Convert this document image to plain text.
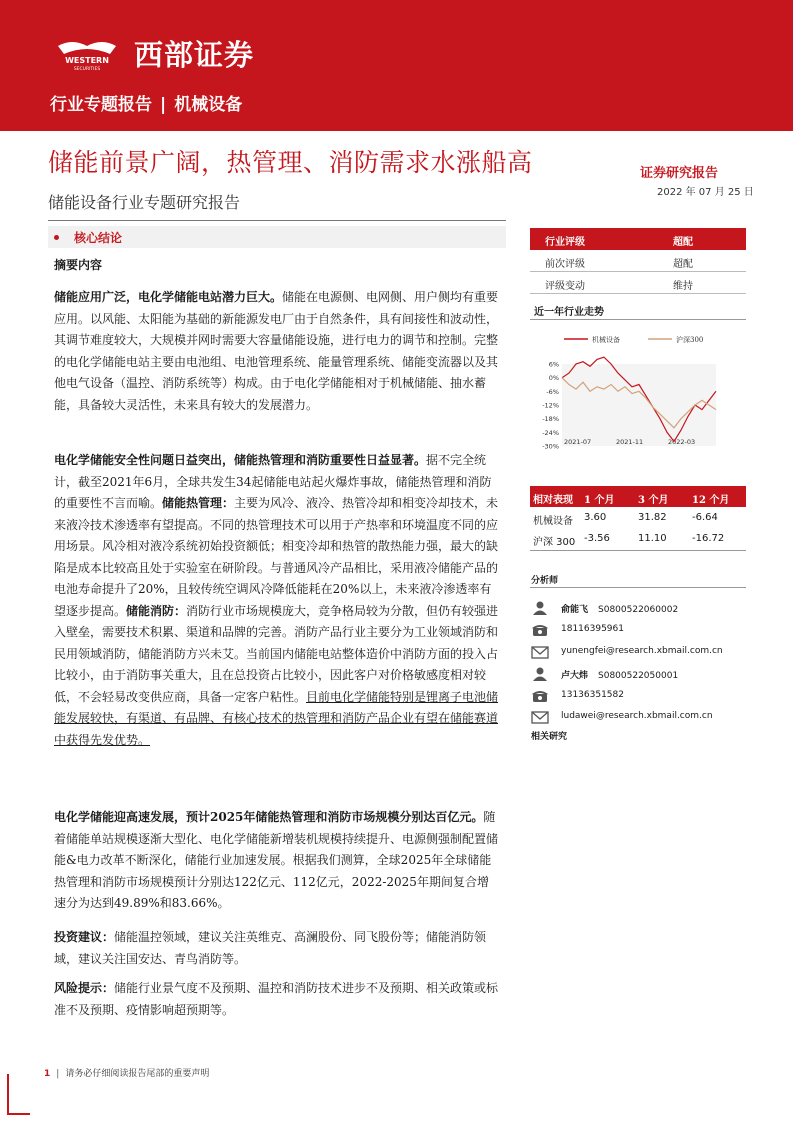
WESTERN
SECURITIES 西部证券
行业专题报告 | 机械设备
储能前景广阔，热管理、消防需求水涨船高
储能设备行业专题研究报告
证券研究报告
2022 年 07 月 25 日
核心结论
摘要内容
储能应用广泛，电化学储能电站潜力巨大。储能在电源侧、电网侧、用户侧均有重要应用。以风能、太阳能为基础的新能源发电厂由于自然条件，具有间接性和波动性，其调节难度较大，大规模并网时需要大容量储能设施，进行电力的调节和控制。完整的电化学储能电站主要由电池组、电池管理系统、能量管理系统、储能变流器以及其他电气设备（温控、消防系统等）构成。由于电化学储能相对于机械储能、抽水蓄能，具备较大灵活性，未来具有较大的发展潜力。
电化学储能安全性问题日益突出，储能热管理和消防重要性日益显著。据不完全统计，截至2021年6月，全球共发生34起储能电站起火爆炸事故，储能热管理和消防的重要性不言而喻。储能热管理：主要为风冷、液冷、热管冷却和相变冷却技术，未来液冷技术渗透率有望提高。不同的热管理技术可以用于产热率和环境温度不同的应用场景。风冷相对液冷系统初始投资额低；相变冷却和热管的散热能力强，最大的缺陷是成本比较高且处于实验室在研阶段。与普通风冷产品相比，采用液冷储能产品的电池寿命提升了20%，且较传统空调风冷降低能耗在20%以上，未来液冷渗透率有望逐步提高。储能消防：消防行业市场规模庞大，竞争格局较为分散，但仍有较强进入壁垒，需要技术积累、渠道和品牌的完善。消防产品行业主要分为工业领域消防和民用领域消防，储能消防方兴未艾。当前国内储能电站整体造价中消防方面的投入占比较小，由于消防事关重大，且在总投资占比较小，因此客户对价格敏感度相对较低，不会轻易改变供应商，具备一定客户粘性。目前电化学储能特别是锂离子电池储能发展较快，有渠道、有品牌、有核心技术的热管理和消防产品企业有望在储能赛道中获得先发优势。
电化学储能迎高速发展，预计2025年储能热管理和消防市场规模分别达百亿元。随着储能单站规模逐渐大型化、电化学储能新增装机规模持续提升、电源侧强制配置储能&电力改革不断深化，储能行业加速发展。根据我们测算，全球2025年全球储能热管理和消防市场规模预计分别达122亿元、112亿元，2022-2025年期间复合增速分为达到49.89%和83.66%。
投资建议：储能温控领域，建议关注英维克、高澜股份、同飞股份等；储能消防领域，建议关注国安达、青鸟消防等。
风险提示：储能行业景气度不及预期、温控和消防技术进步不及预期、相关政策或标准不及预期、疫情影响超预期等。
行业评级	超配
前次评级	超配
评级变动	维持
近一年行业走势
机械设备	沪深300
6%
0%
-6%
-12%
-18%
-24%
-30%
2021-07	2021-11	2022-03
相对表现 1 个月 3 个月 12 个月
机械设备 3.60	31.82	-6.64
沪深 300 -3.56	11.10	-16.72
分析师
俞能飞 S0800522060002
18116395961
yunengfei@research.xbmail.com.cn
卢大炜 S0800522050001
13136351582
ludawei@research.xbmail.com.cn
相关研究
1 | 请务必仔细阅读报告尾部的重要声明
